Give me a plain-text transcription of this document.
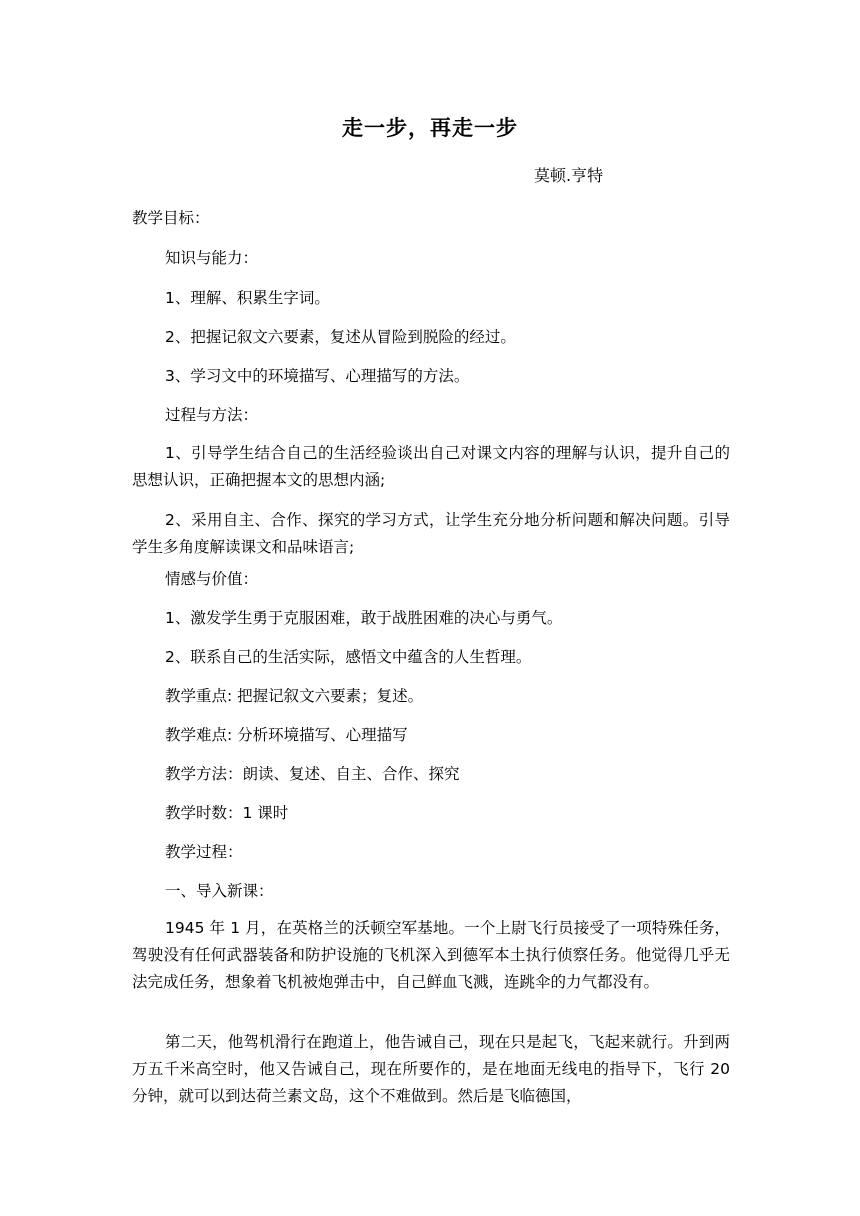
走一步，再走一步
莫顿.亨特
教学目标：
知识与能力：
1、理解、积累生字词。
2、把握记叙文六要素，复述从冒险到脱险的经过。
3、学习文中的环境描写、心理描写的方法。
过程与方法：
1、引导学生结合自己的生活经验谈出自己对课文内容的理解与认识，提升自己的思想认识，正确把握本文的思想内涵;
2、采用自主、合作、探究的学习方式，让学生充分地分析问题和解决问题。引导学生多角度解读课文和品味语言;
情感与价值：
1、激发学生勇于克服困难，敢于战胜困难的决心与勇气。
2、联系自己的生活实际，感悟文中蕴含的人生哲理。
教学重点: 把握记叙文六要素；复述。
教学难点: 分析环境描写、心理描写
教学方法：朗读、复述、自主、合作、探究
教学时数：1 课时
教学过程：
一、导入新课：
1945 年 1 月，在英格兰的沃顿空军基地。一个上尉飞行员接受了一项特殊任务，驾驶没有任何武器装备和防护设施的飞机深入到德军本土执行侦察任务。他觉得几乎无法完成任务，想象着飞机被炮弹击中，自己鲜血飞溅，连跳伞的力气都没有。
第二天，他驾机滑行在跑道上，他告诫自己，现在只是起飞，飞起来就行。升到两万五千米高空时，他又告诫自己，现在所要作的，是在地面无线电的指导下，飞行 20 分钟，就可以到达荷兰素文岛，这个不难做到。然后是飞临德国，
